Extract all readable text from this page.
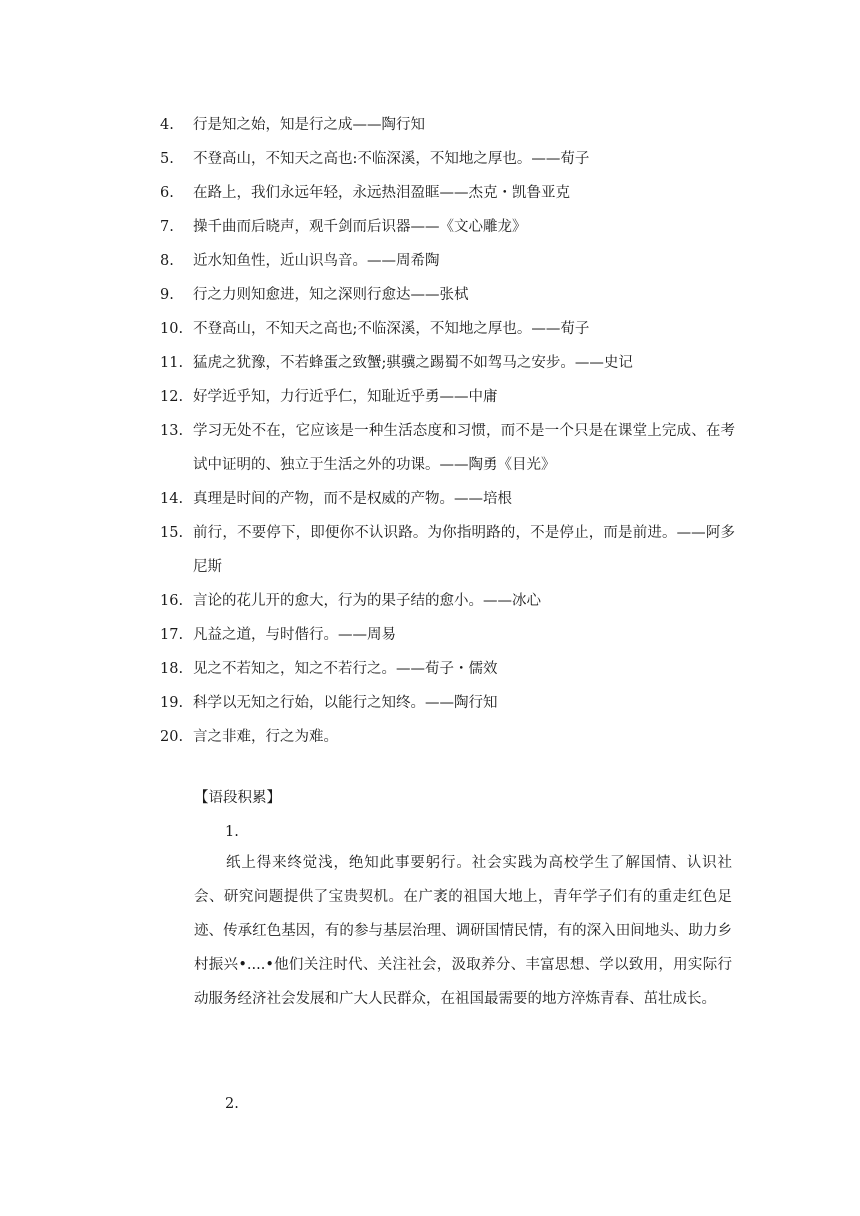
4.	行是知之始，知是行之成——陶行知
5.	不登高山，不知天之高也:不临深溪，不知地之厚也。——荀子
6.	在路上，我们永远年轻，永远热泪盈眶——杰克・凯鲁亚克
7.	操千曲而后晓声，观千剑而后识器——《文心雕龙》
8.	近水知鱼性，近山识鸟音。——周希陶
9.	行之力则知愈进，知之深则行愈达——张栻
10. 不登高山，不知天之高也;不临深溪，不知地之厚也。——荀子
11. 猛虎之犹豫，不若蜂蛋之致蟹;骐骥之踢蜀不如驾马之安步。——史记
12. 好学近乎知，力行近乎仁，知耻近乎勇——中庸
13. 学习无处不在，它应该是一种生活态度和习惯，而不是一个只是在课堂上完成、在考试中证明的、独立于生活之外的功课。——陶勇《目光》
14. 真理是时间的产物，而不是权威的产物。——培根
15. 前行，不要停下，即便你不认识路。为你指明路的，不是停止，而是前进。——阿多尼斯
16. 言论的花儿开的愈大，行为的果子结的愈小。——冰心
17. 凡益之道，与时偕行。——周易
18. 见之不若知之，知之不若行之。——荀子・儒效
19. 科学以无知之行始，以能行之知终。——陶行知
20. 言之非难，行之为难。
【语段积累】
1.

纸上得来终觉浅，绝知此事要躬行。社会实践为高校学生了解国情、认识社会、研究问题提供了宝贵契机。在广袤的祖国大地上，青年学子们有的重走红色足迹、传承红色基因，有的参与基层治理、调研国情民情，有的深入田间地头、助力乡村振兴•....•他们关注时代、关注社会，汲取养分、丰富思想、学以致用，用实际行动服务经济社会发展和广大人民群众，在祖国最需要的地方淬炼青春、茁壮成长。

2.
